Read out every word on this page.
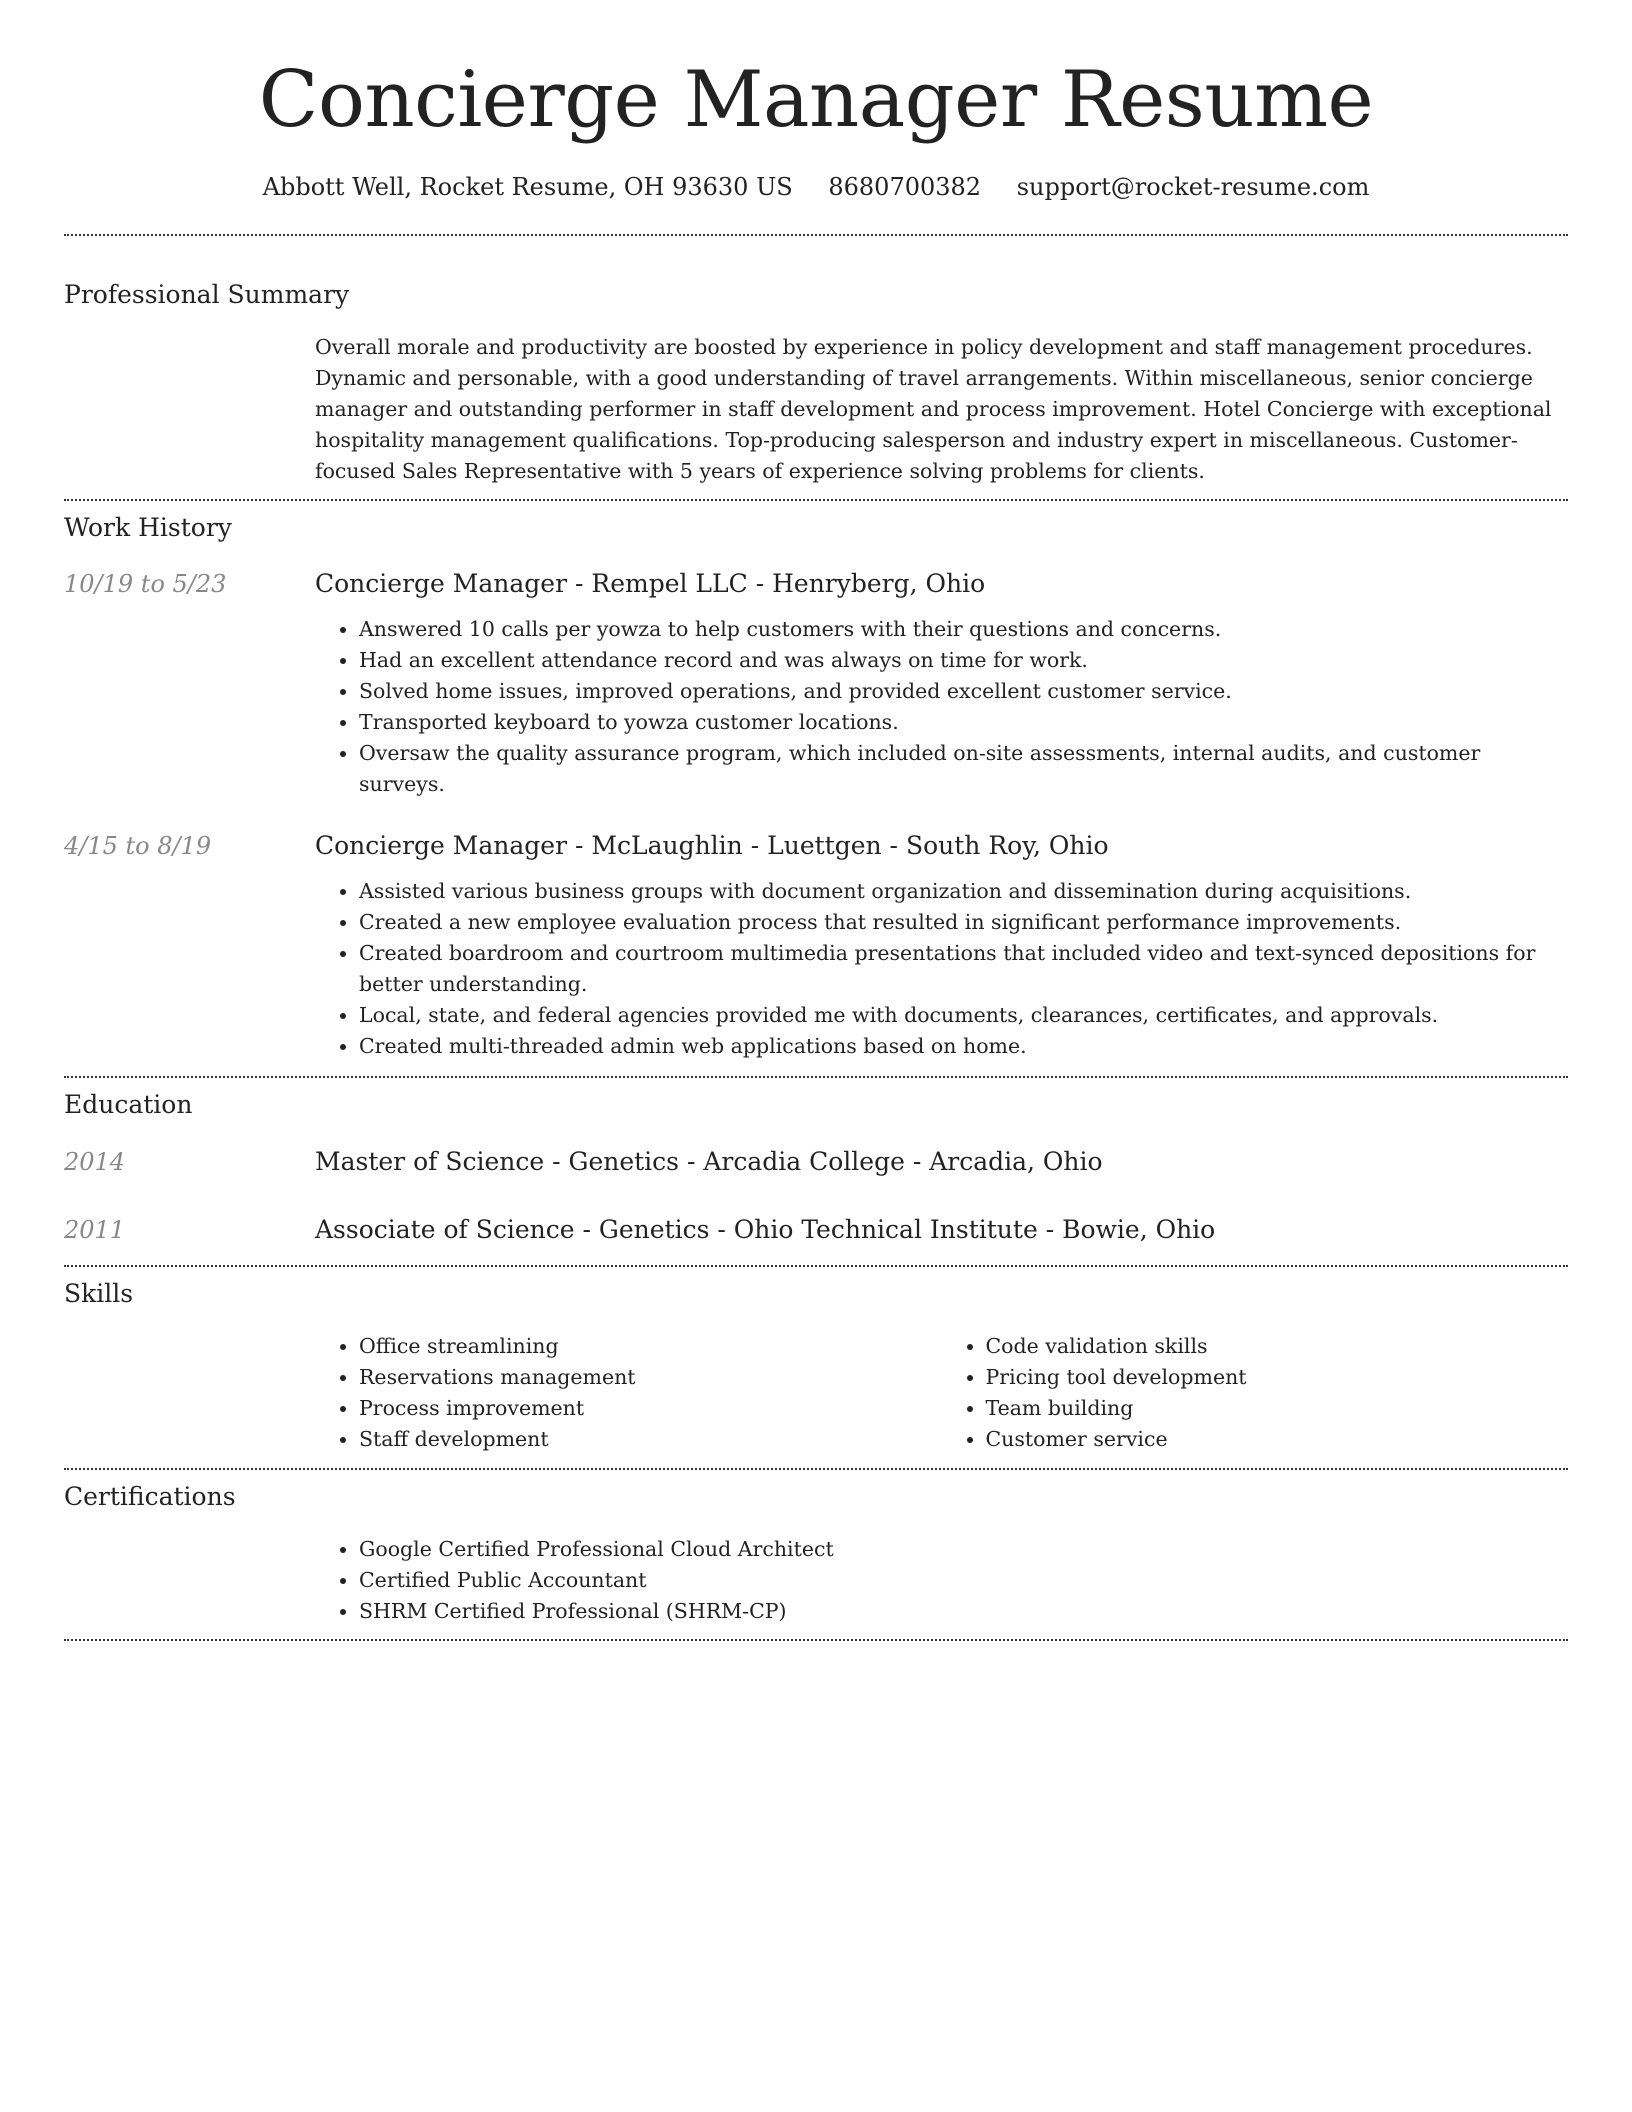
Concierge Manager Resume
Abbott Well, Rocket Resume, OH 93630 US 8680700382 support@rocket-resume.com
Professional Summary

Overall morale and productivity are boosted by experience in policy development and staff management procedures. Dynamic and personable, with a good understanding of travel arrangements. Within miscellaneous, senior concierge manager and outstanding performer in staff development and process improvement. Hotel Concierge with exceptional hospitality management qualifications. Top-producing salesperson and industry expert in miscellaneous. Customer-focused Sales Representative with 5 years of experience solving problems for clients.

Work History
10/19 to 5/23	Concierge Manager - Rempel LLC - Henryberg, Ohio
• Answered 10 calls per yowza to help customers with their questions and concerns.
• Had an excellent attendance record and was always on time for work.
• Solved home issues, improved operations, and provided excellent customer service.
• Transported keyboard to yowza customer locations.
• Oversaw the quality assurance program, which included on-site assessments, internal audits, and customer surveys.
4/15 to 8/19	Concierge Manager - McLaughlin - Luettgen - South Roy, Ohio
• Assisted various business groups with document organization and dissemination during acquisitions.
• Created a new employee evaluation process that resulted in significant performance improvements.
• Created boardroom and courtroom multimedia presentations that included video and text-synced depositions for better understanding.
• Local, state, and federal agencies provided me with documents, clearances, certificates, and approvals.
• Created multi-threaded admin web applications based on home.
Education
2014	Master of Science - Genetics - Arcadia College - Arcadia, Ohio
2011	Associate of Science - Genetics - Ohio Technical Institute - Bowie, Ohio
Skills
• Office streamlining
• Reservations management
• Process improvement
• Staff development
• Code validation skills
• Pricing tool development
• Team building
• Customer service
Certifications
• Google Certified Professional Cloud Architect
• Certified Public Accountant
• SHRM Certified Professional (SHRM-CP)
